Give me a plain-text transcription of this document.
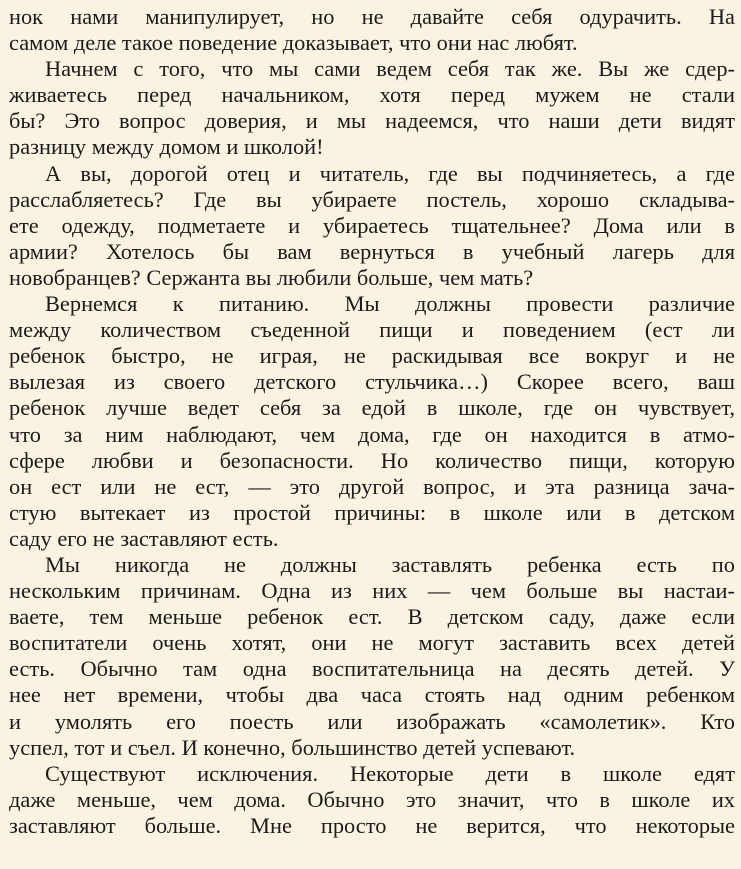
нок нами манипулирует, но не давайте себя одурачить. На
самом деле такое поведение доказывает, что они нас любят.
Начнем с того, что мы сами ведем себя так же. Вы же сдер-
живаетесь перед начальником, хотя перед мужем не стали
бы? Это вопрос доверия, и мы надеемся, что наши дети видят
разницу между домом и школой!
А вы, дорогой отец и читатель, где вы подчиняетесь, а где
расслабляетесь? Где вы убираете постель, хорошо складыва-
ете одежду, подметаете и убираетесь тщательнее? Дома или в
армии? Хотелось бы вам вернуться в учебный лагерь для
новобранцев? Сержанта вы любили больше, чем мать?
Вернемся к питанию. Мы должны провести различие
между количеством съеденной пищи и поведением (ест ли
ребенок быстро, не играя, не раскидывая все вокруг и не
вылезая из своего детского стульчика…) Скорее всего, ваш
ребенок лучше ведет себя за едой в школе, где он чувствует,
что за ним наблюдают, чем дома, где он находится в атмо-
сфере любви и безопасности. Но количество пищи, которую
он ест или не ест, — это другой вопрос, и эта разница зача-
стую вытекает из простой причины: в школе или в детском
саду его не заставляют есть.
Мы никогда не должны заставлять ребенка есть по
нескольким причинам. Одна из них — чем больше вы настаи-
ваете, тем меньше ребенок ест. В детском саду, даже если
воспитатели очень хотят, они не могут заставить всех детей
есть. Обычно там одна воспитательница на десять детей. У
нее нет времени, чтобы два часа стоять над одним ребенком
и умолять его поесть или изображать «самолетик». Кто
успел, тот и съел. И конечно, большинство детей успевают.
Существуют исключения. Некоторые дети в школе едят
даже меньше, чем дома. Обычно это значит, что в школе их
заставляют больше. Мне просто не верится, что некоторые
